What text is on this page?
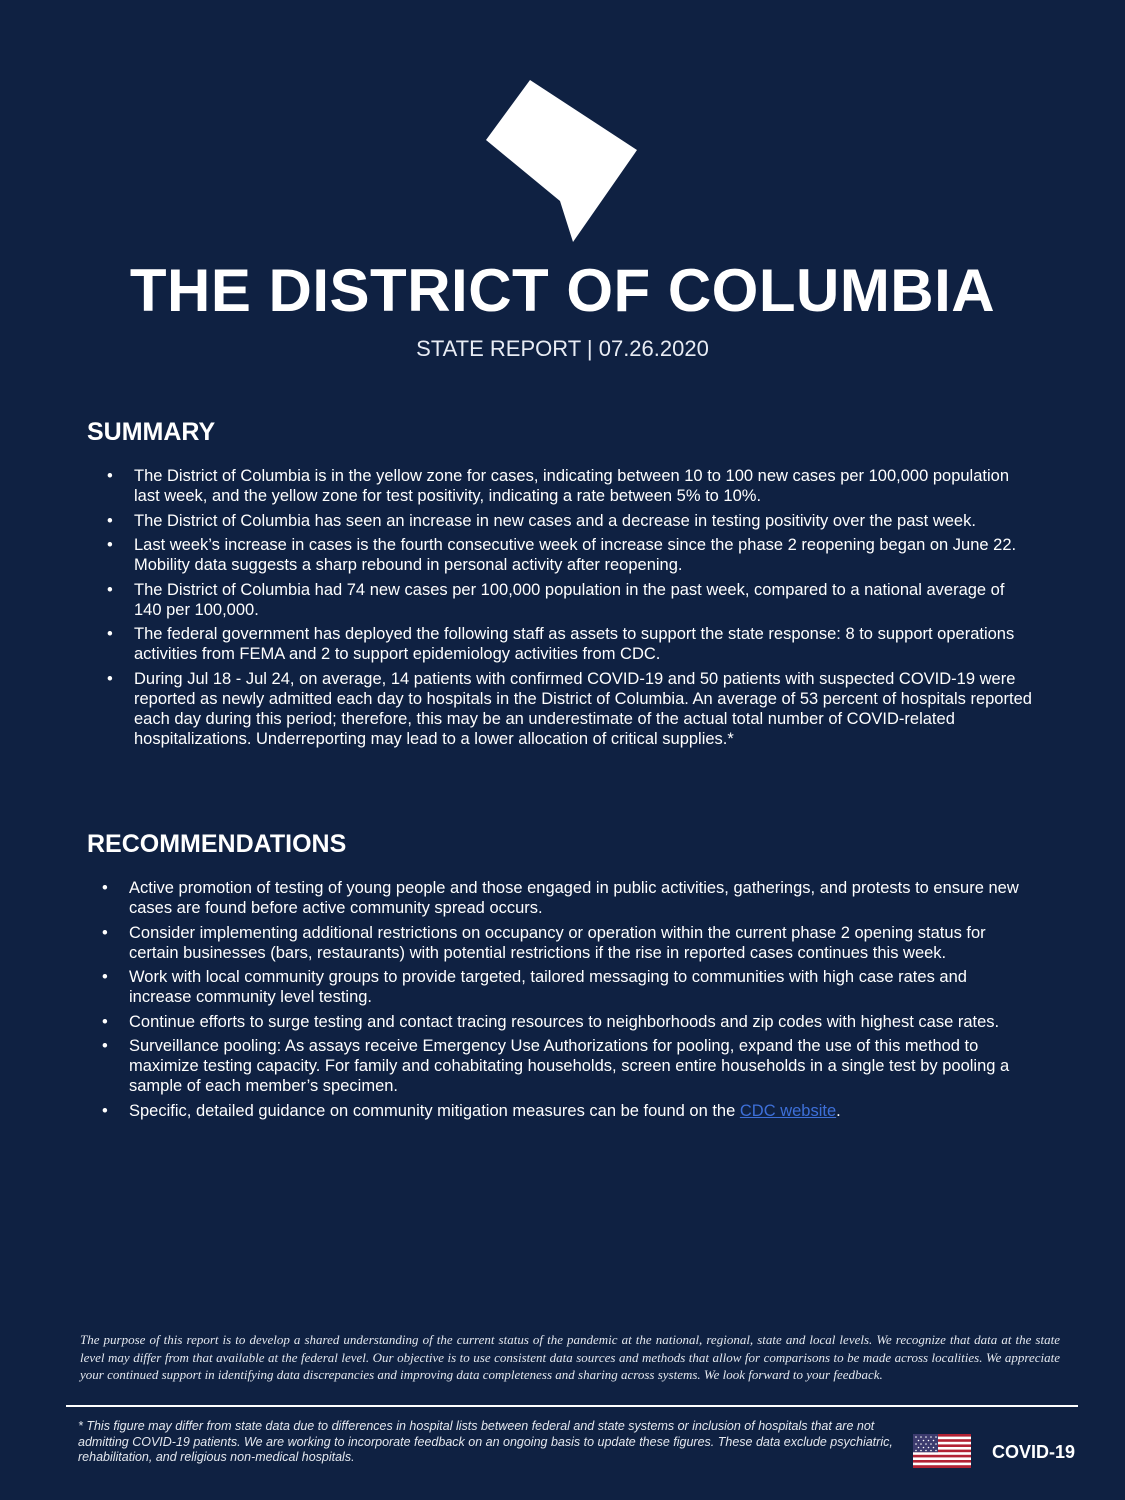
THE DISTRICT OF COLUMBIA
STATE REPORT | 07.26.2020
SUMMARY
• The District of Columbia is in the yellow zone for cases, indicating between 10 to 100 new cases per 100,000 population last week, and the yellow zone for test positivity, indicating a rate between 5% to 10%.
• The District of Columbia has seen an increase in new cases and a decrease in testing positivity over the past week.
• Last week’s increase in cases is the fourth consecutive week of increase since the phase 2 reopening began on June 22. Mobility data suggests a sharp rebound in personal activity after reopening.
• The District of Columbia had 74 new cases per 100,000 population in the past week, compared to a national average of 140 per 100,000.
• The federal government has deployed the following staff as assets to support the state response: 8 to support operations activities from FEMA and 2 to support epidemiology activities from CDC.
• During Jul 18 - Jul 24, on average, 14 patients with confirmed COVID-19 and 50 patients with suspected COVID-19 were reported as newly admitted each day to hospitals in the District of Columbia. An average of 53 percent of hospitals reported each day during this period; therefore, this may be an underestimate of the actual total number of COVID-related hospitalizations. Underreporting may lead to a lower allocation of critical supplies.*
RECOMMENDATIONS
• Active promotion of testing of young people and those engaged in public activities, gatherings, and protests to ensure new cases are found before active community spread occurs.
• Consider implementing additional restrictions on occupancy or operation within the current phase 2 opening status for certain businesses (bars, restaurants) with potential restrictions if the rise in reported cases continues this week.
• Work with local community groups to provide targeted, tailored messaging to communities with high case rates and increase community level testing.
• Continue efforts to surge testing and contact tracing resources to neighborhoods and zip codes with highest case rates.
• Surveillance pooling: As assays receive Emergency Use Authorizations for pooling, expand the use of this method to maximize testing capacity. For family and cohabitating households, screen entire households in a single test by pooling a sample of each member’s specimen.
• Specific, detailed guidance on community mitigation measures can be found on the CDC website.
The purpose of this report is to develop a shared understanding of the current status of the pandemic at the national, regional, state and local levels. We recognize that data at the state level may differ from that available at the federal level. Our objective is to use consistent data sources and methods that allow for comparisons to be made across localities. We appreciate your continued support in identifying data discrepancies and improving data completeness and sharing across systems. We look forward to your feedback.
* This figure may differ from state data due to differences in hospital lists between federal and state systems or inclusion of hospitals that are not admitting COVID-19 patients. We are working to incorporate feedback on an ongoing basis to update these figures. These data exclude psychiatric, rehabilitation, and religious non-medical hospitals.	COVID-19
